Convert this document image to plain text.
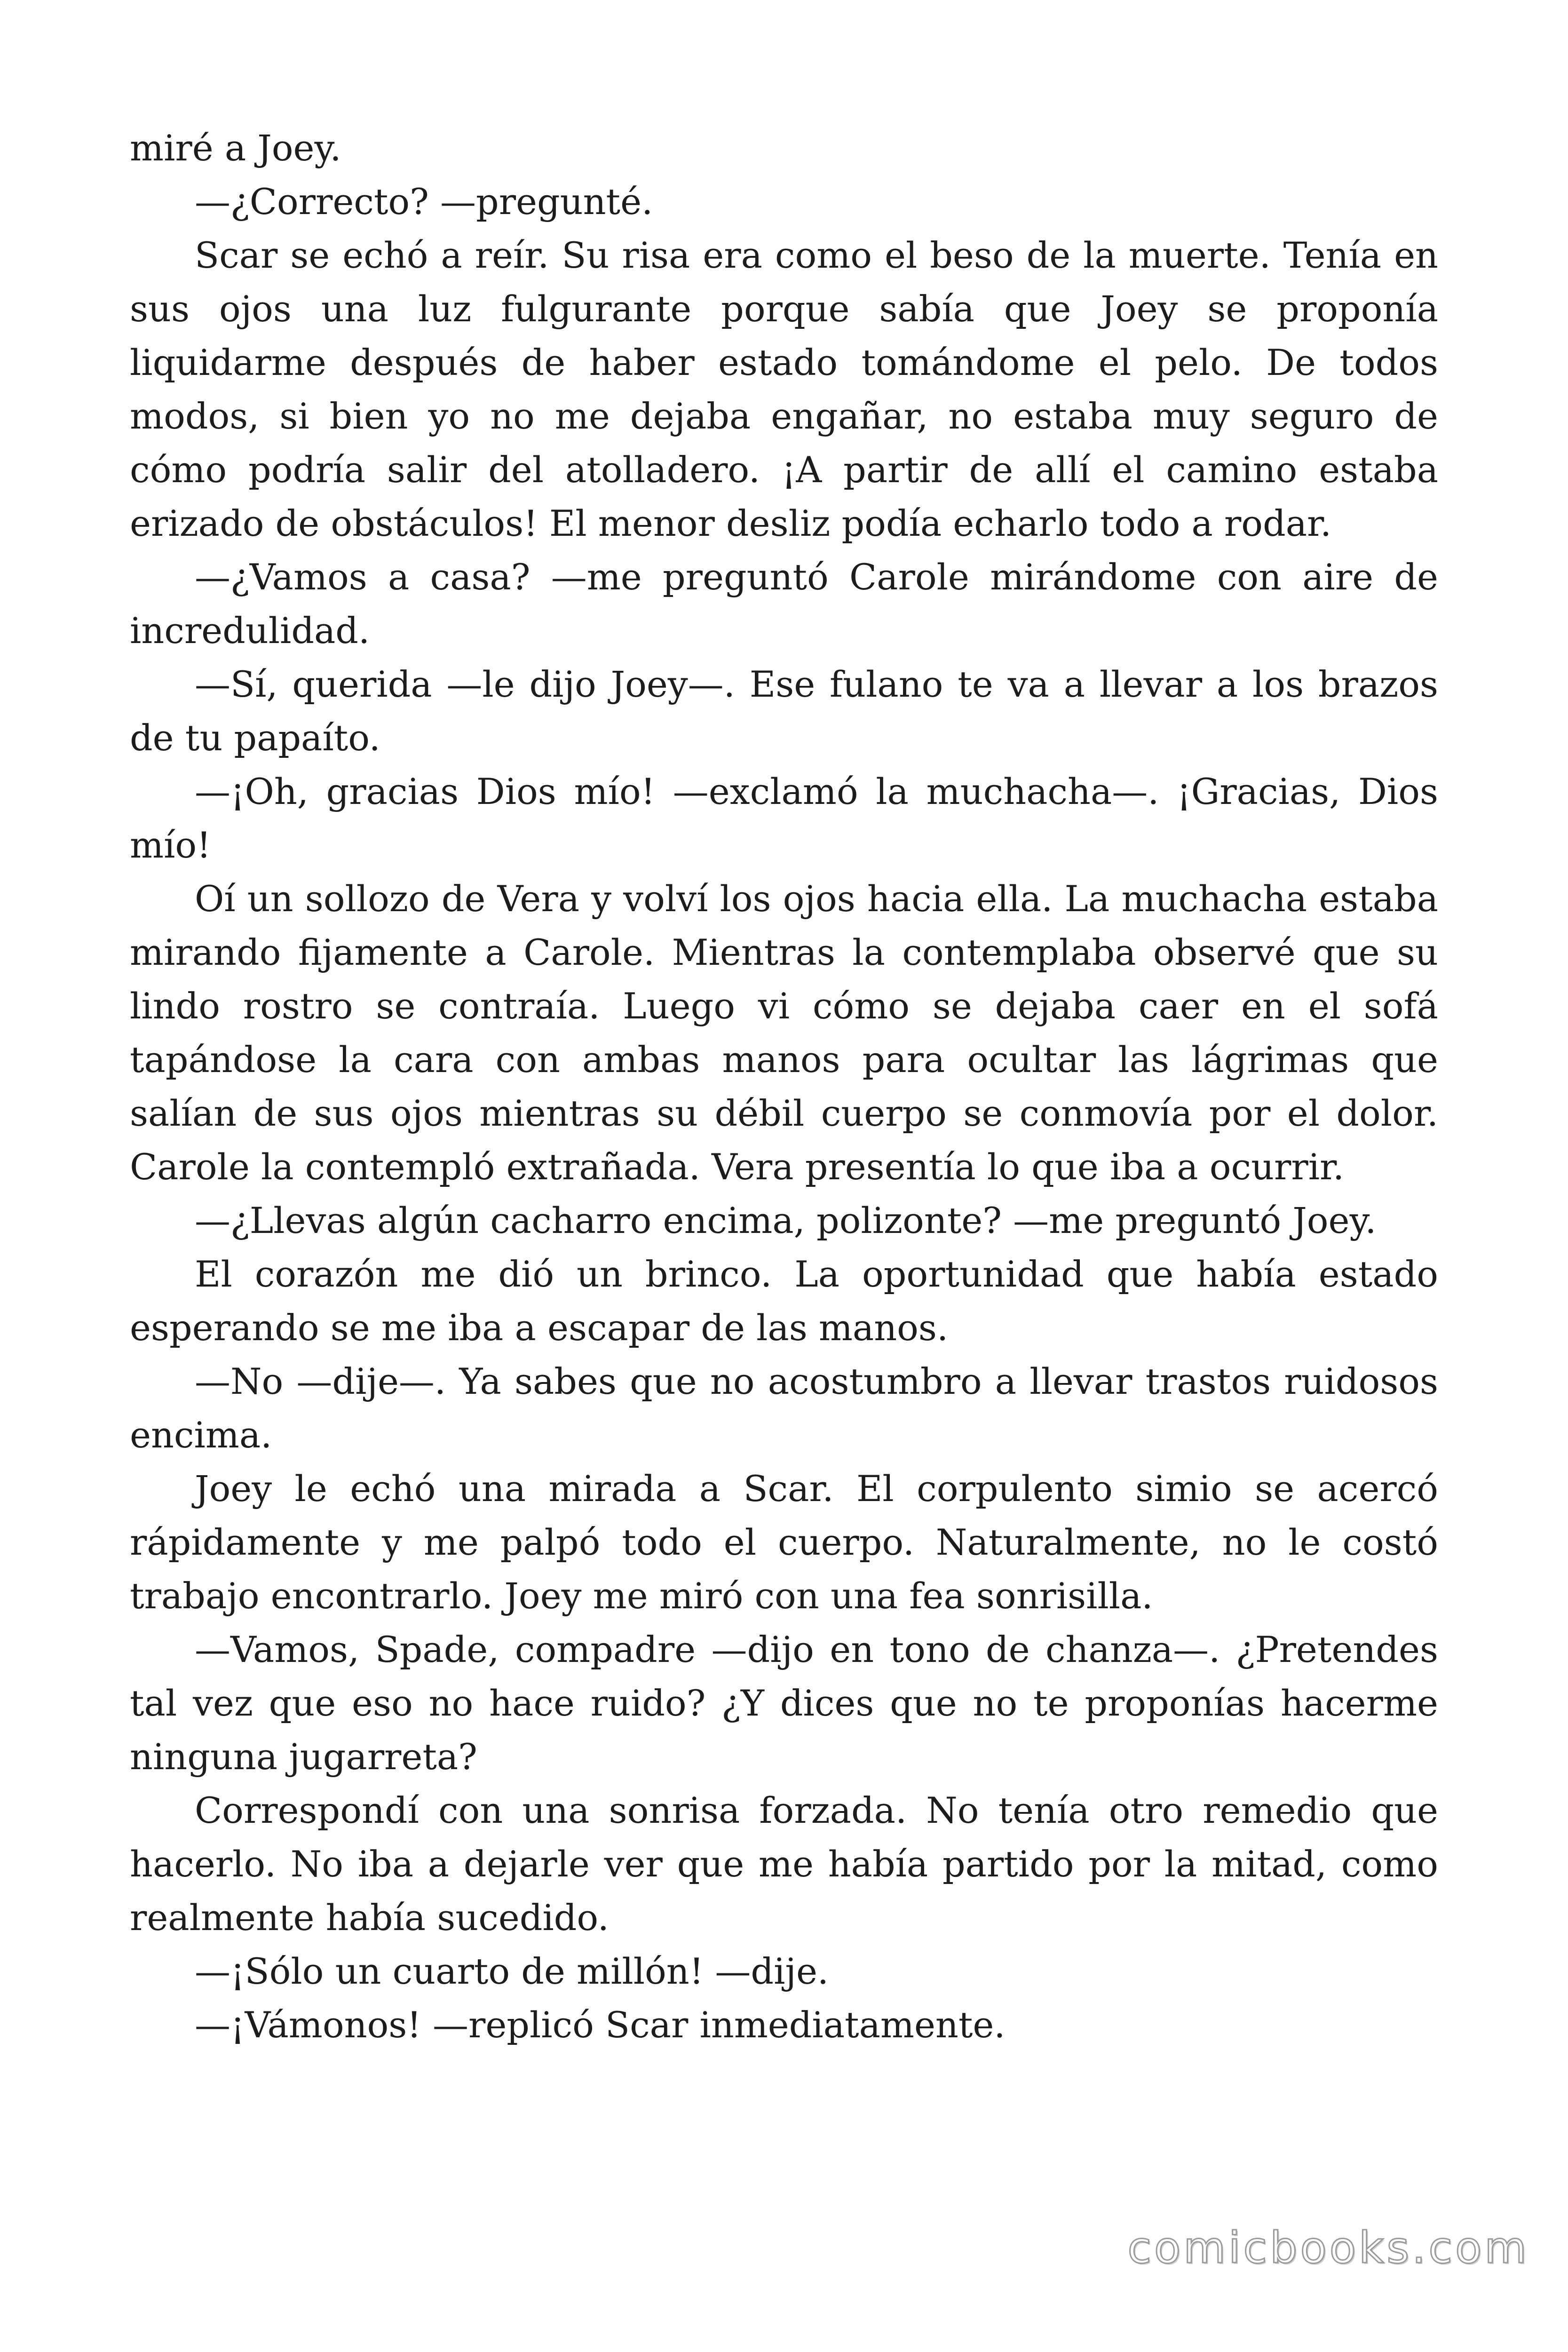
miré a Joey.

—¿Correcto? —pregunté.

Scar se echó a reír. Su risa era como el beso de la muerte. Tenía en sus ojos una luz fulgurante porque sabía que Joey se proponía liquidarme después de haber estado tomándome el pelo. De todos modos, si bien yo no me dejaba engañar, no estaba muy seguro de cómo podría salir del atolladero. ¡A partir de allí el camino estaba erizado de obstáculos! El menor desliz podía echarlo todo a rodar.

—¿Vamos a casa? —me preguntó Carole mirándome con aire de incredulidad.

—Sí, querida —le dijo Joey—. Ese fulano te va a llevar a los brazos de tu papaíto.

—¡Oh, gracias Dios mío! —exclamó la muchacha—. ¡Gracias, Dios mío!

Oí un sollozo de Vera y volví los ojos hacia ella. La muchacha estaba mirando fijamente a Carole. Mientras la contemplaba observé que su lindo rostro se contraía. Luego vi cómo se dejaba caer en el sofá tapándose la cara con ambas manos para ocultar las lágrimas que salían de sus ojos mientras su débil cuerpo se conmovía por el dolor. Carole la contempló extrañada. Vera presentía lo que iba a ocurrir.

—¿Llevas algún cacharro encima, polizonte? —me preguntó Joey.

El corazón me dió un brinco. La oportunidad que había estado esperando se me iba a escapar de las manos.

—No —dije—. Ya sabes que no acostumbro a llevar trastos ruidosos encima.

Joey le echó una mirada a Scar. El corpulento simio se acercó rápidamente y me palpó todo el cuerpo. Naturalmente, no le costó trabajo encontrarlo. Joey me miró con una fea sonrisilla.

—Vamos, Spade, compadre —dijo en tono de chanza—. ¿Pretendes tal vez que eso no hace ruido? ¿Y dices que no te proponías hacerme ninguna jugarreta?

Correspondí con una sonrisa forzada. No tenía otro remedio que hacerlo. No iba a dejarle ver que me había partido por la mitad, como realmente había sucedido.

—¡Sólo un cuarto de millón! —dije.

—¡Vámonos! —replicó Scar inmediatamente.

comicbooks.com
